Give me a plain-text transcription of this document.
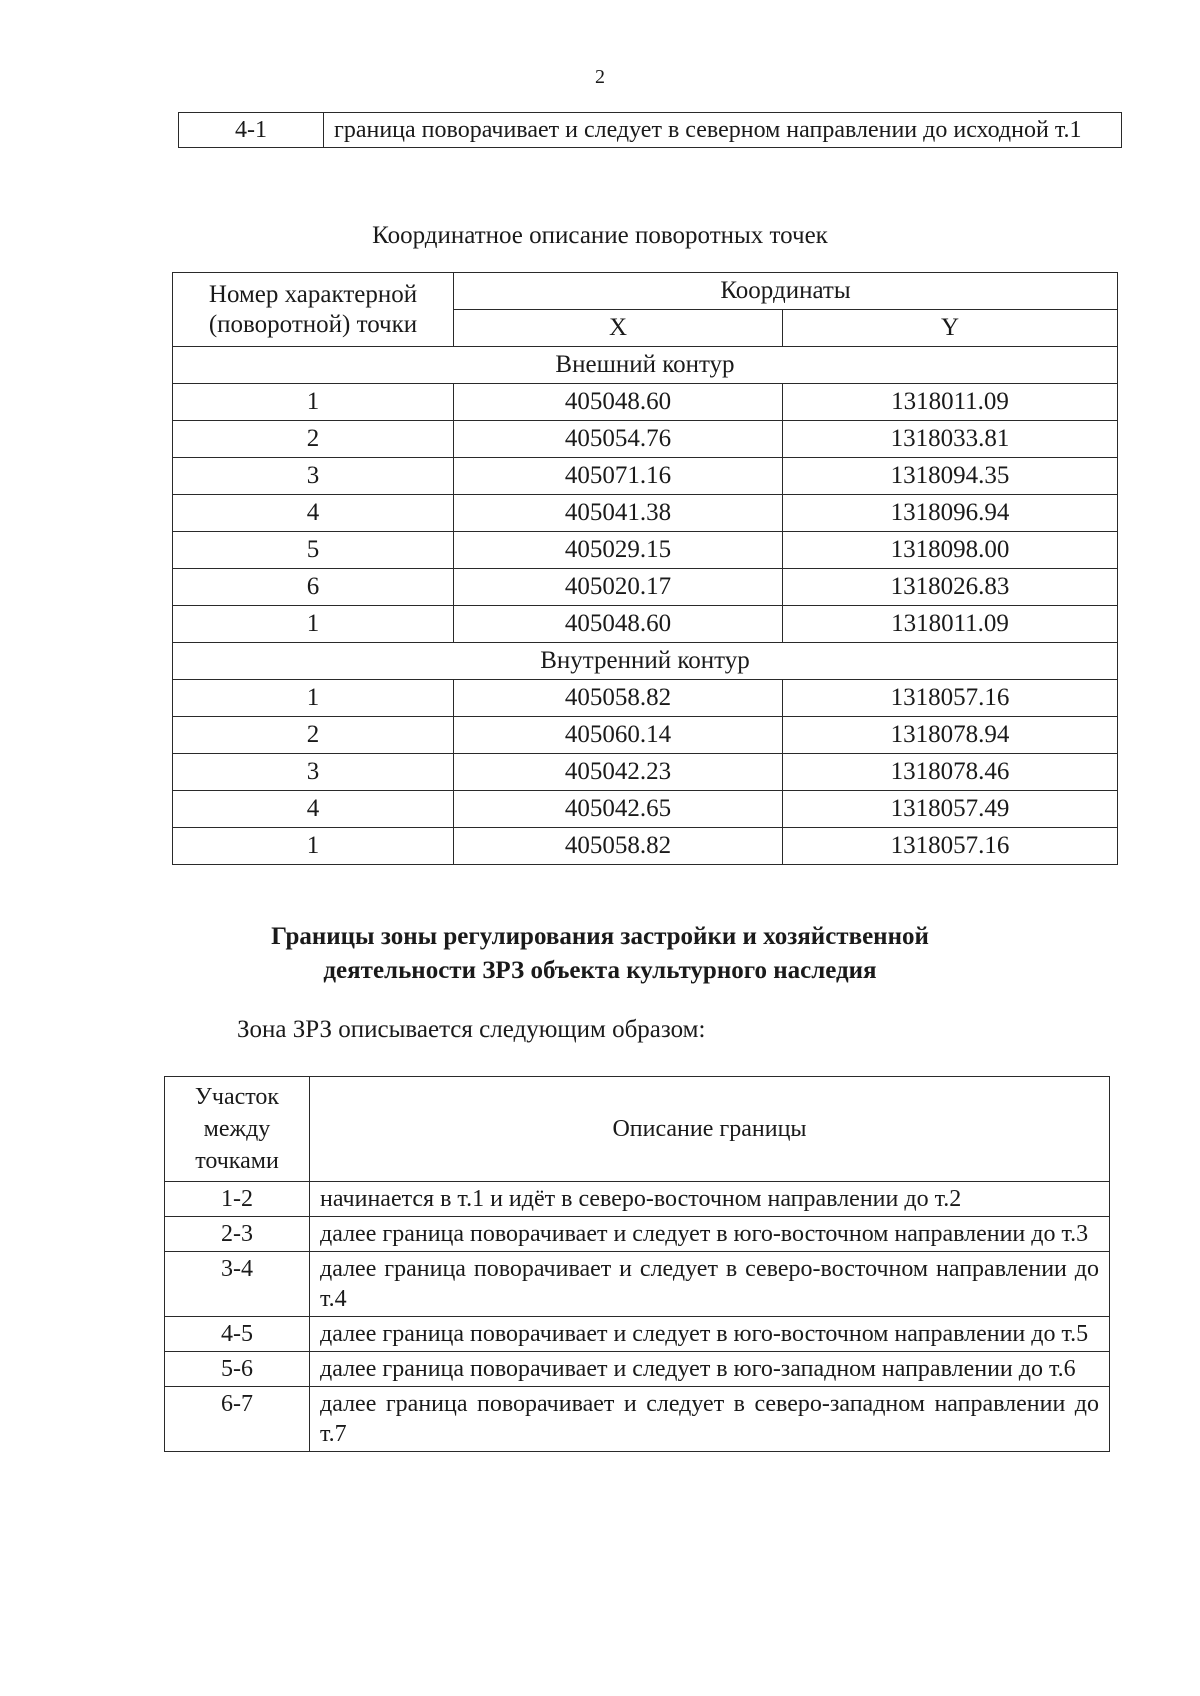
2
4-1	граница поворачивает и следует в северном направлении до исходной т.1
Координатное описание поворотных точек
Номер характерной (поворотной) точки	Координаты	
	X	Y
Внешний контур		
1	405048.60	1318011.09
2	405054.76	1318033.81
3	405071.16	1318094.35
4	405041.38	1318096.94
5	405029.15	1318098.00
6	405020.17	1318026.83
1	405048.60	1318011.09
Внутренний контур		
1	405058.82	1318057.16
2	405060.14	1318078.94
3	405042.23	1318078.46
4	405042.65	1318057.49
1	405058.82	1318057.16
Границы зоны регулирования застройки и хозяйственной
деятельности ЗРЗ объекта культурного наследия
Зона ЗРЗ описывается следующим образом:
Участок между точками	Описание границы
1-2	начинается в т.1 и идёт в северо-восточном направлении до т.2
2-3	далее граница поворачивает и следует в юго-восточном направлении до т.3
3-4	далее граница поворачивает и следует в северо-восточном направлении до т.4
4-5	далее граница поворачивает и следует в юго-восточном направлении до т.5
5-6	далее граница поворачивает и следует в юго-западном направлении до т.6
6-7	далее граница поворачивает и следует в северо-западном направлении до т.7
